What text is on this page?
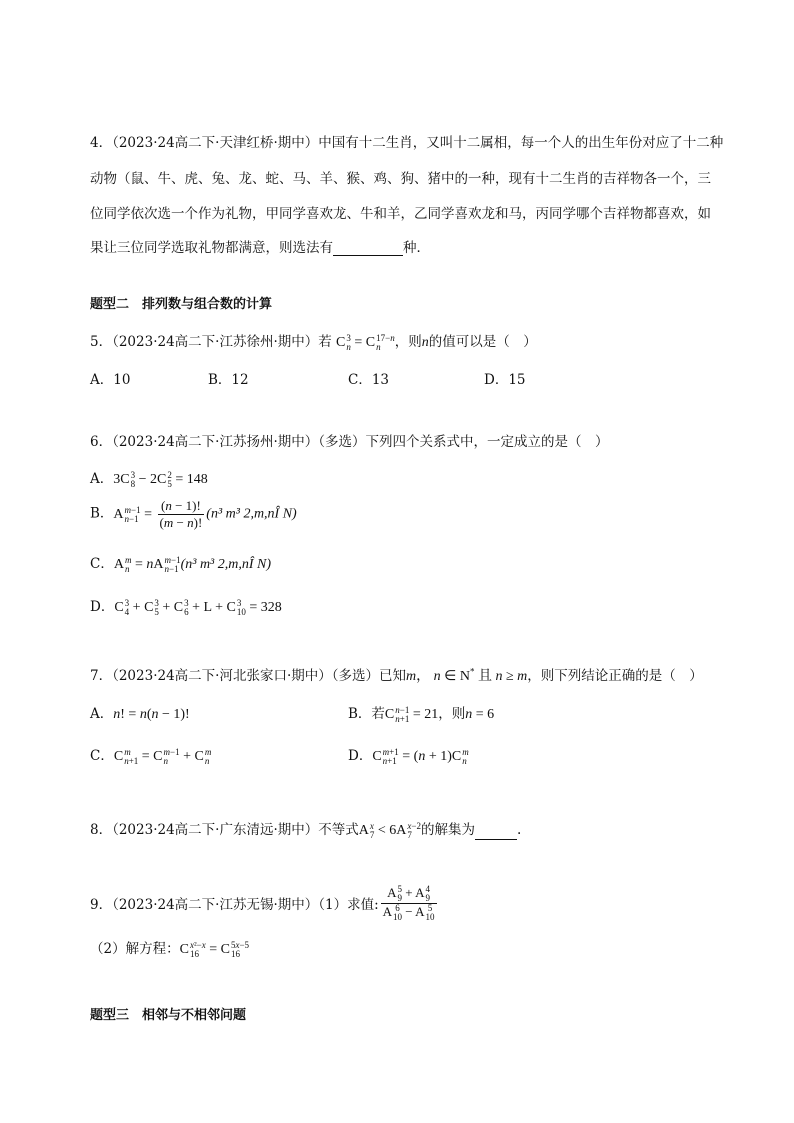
4．（2023·24高二下·天津红桥·期中）中国有十二生肖，又叫十二属相，每一个人的出生年份对应了十二种
动物（鼠、牛、虎、兔、龙、蛇、马、羊、猴、鸡、狗、猪中的一种，现有十二生肖的吉祥物各一个，三
位同学依次选一个作为礼物，甲同学喜欢龙、牛和羊，乙同学喜欢龙和马，丙同学哪个吉祥物都喜欢，如
果让三位同学选取礼物都满意，则选法有	种．
题型二　排列数与组合数的计算
5．（2023·24高二下·江苏徐州·期中）若 C 3
n = C 17−n
n	，则n的值可以是（　）
A．10	B．12	C．13	D．15
6．（2023·24高二下·江苏扬州·期中）（多选）下列四个关系式中，一定成立的是（　）
A．3C 3
8 − 2C 2
5 = 148
B．A m−1
$n-1 = \frac{(n - 1)!}{(m - n)!} (n^3$ m³ 2,m,nÎ N)
C．A m
n = nA m−1
n−1 (n³ m³ 2,m,nÎ N)
D．C 3
4 + C 3
5 + C 3
6 + L + C 3
10 = 328
7．（2023·24高二下·河北张家口·期中）（多选）已知m， n ∈ N* 且 n ≥ m，则下列结论正确的是（　）
A．n! = n(n − 1)!	B．若C n−1
n+1 = 21，则n = 6
C．C m
n+1 = C m−1
n + C m
n	D．C m+1
n+1 = (n + 1)C m
n
8．（2023·24高二下·广东清远·期中）不等式A x
7 < 6A x−2
7 的解集为	.
9．（2023·24高二下·江苏无锡·期中）（1）求值: A 5
9 + A 4
9
A 6
10 − A 5
10
（2）解方程：C x²−x
16 = C 5x−5
16
题型三　相邻与不相邻问题
